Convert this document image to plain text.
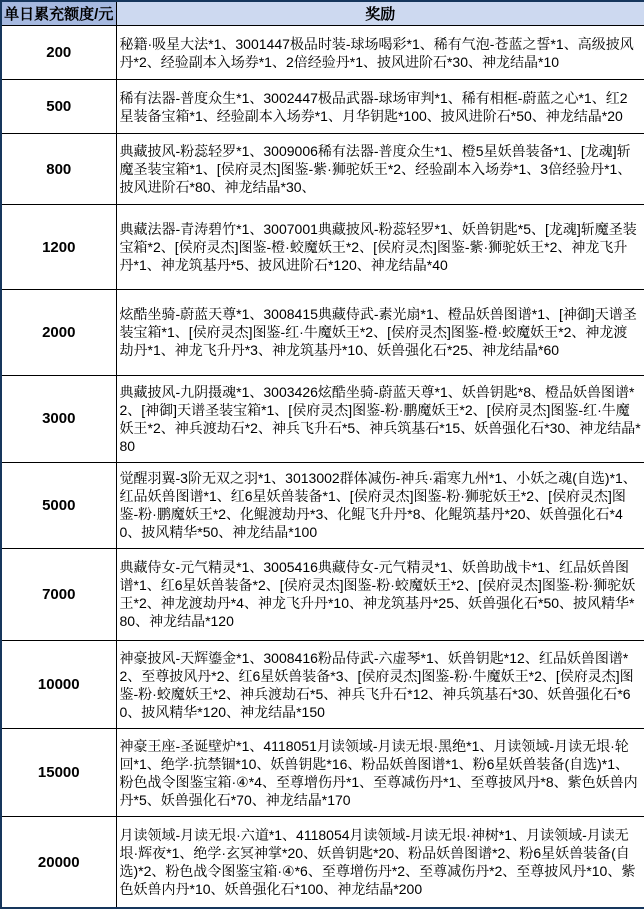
单日累充额度/元	奖励
200	秘籍·吸星大法*1、3001447极品时装-球场喝彩*1、稀有气泡-苍蓝之誓*1、高级披风丹*2、经验副本入场券*1、2倍经验丹*1、披风进阶石*30、神龙结晶*10
500	稀有法器-普度众生*1、3002447极品武器-球场审判*1、稀有相框-蔚蓝之心*1、红2星装备宝箱*1、经验副本入场券*1、月华钥匙*100、披风进阶石*50、神龙结晶*20
800	典藏披风-粉蕊轻罗*1、3009006稀有法器-普度众生*1、橙5星妖兽装备*1、[龙魂]斩魔圣装宝箱*1、[侯府灵杰]图鉴-紫·狮驼妖王*2、经验副本入场券*1、3倍经验丹*1、披风进阶石*80、神龙结晶*30、
1200	典藏法器-青涛碧竹*1、3007001典藏披风-粉蕊轻罗*1、妖兽钥匙*5、[龙魂]斩魔圣装宝箱*2、[侯府灵杰]图鉴-橙·蛟魔妖王*2、[侯府灵杰]图鉴-紫·狮驼妖王*2、神龙飞升丹*1、神龙筑基丹*5、披风进阶石*120、神龙结晶*40
2000	炫酷坐骑-蔚蓝天尊*1、3008415典藏侍武-素光扇*1、橙品妖兽图谱*1、[神御]天谱圣装宝箱*1、[侯府灵杰]图鉴-红·牛魔妖王*2、[侯府灵杰]图鉴-橙·蛟魔妖王*2、神龙渡劫丹*1、神龙飞升丹*3、神龙筑基丹*10、妖兽强化石*25、神龙结晶*60
3000	典藏披风-九阴摄魂*1、3003426炫酷坐骑-蔚蓝天尊*1、妖兽钥匙*8、橙品妖兽图谱*2、[神御]天谱圣装宝箱*1、[侯府灵杰]图鉴-粉·鹏魔妖王*2、[侯府灵杰]图鉴-红·牛魔妖王*2、神兵渡劫石*2、神兵飞升石*5、神兵筑基石*15、妖兽强化石*30、神龙结晶*80
5000	觉醒羽翼-3阶无双之羽*1、3013002群体减伤-神兵·霜寒九州*1、小妖之魂(自选)*1、红品妖兽图谱*1、红6星妖兽装备*1、[侯府灵杰]图鉴-粉·狮驼妖王*2、[侯府灵杰]图鉴-粉·鹏魔妖王*2、化鲲渡劫丹*3、化鲲飞升丹*8、化鲲筑基丹*20、妖兽强化石*40、披风精华*50、神龙结晶*100
7000	典藏侍女-元气精灵*1、3005416典藏侍女-元气精灵*1、妖兽助战卡*1、红品妖兽图谱*1、红6星妖兽装备*2、[侯府灵杰]图鉴-粉·蛟魔妖王*2、[侯府灵杰]图鉴-粉·狮驼妖王*2、神龙渡劫丹*4、神龙飞升丹*10、神龙筑基丹*25、妖兽强化石*50、披风精华*80、神龙结晶*120
10000	神豪披风-天辉鎏金*1、3008416粉品侍武-六虚琴*1、妖兽钥匙*12、红品妖兽图谱*2、至尊披风丹*2、红6星妖兽装备*3、[侯府灵杰]图鉴-粉·牛魔妖王*2、[侯府灵杰]图鉴-粉·蛟魔妖王*2、神兵渡劫石*5、神兵飞升石*12、神兵筑基石*30、妖兽强化石*60、披风精华*120、神龙结晶*150
15000	神豪王座-圣诞壁炉*1、4118051月读领域-月读无垠·黑绝*1、月读领域-月读无垠·轮回*1、绝学·抗禁锢*10、妖兽钥匙*16、粉品妖兽图谱*1、粉6星妖兽装备(自选)*1、粉色战令图鉴宝箱·④*4、至尊增伤丹*1、至尊减伤丹*1、至尊披风丹*8、紫色妖兽内丹*5、妖兽强化石*70、神龙结晶*170
20000	月读领域-月读无垠·六道*1、4118054月读领域-月读无垠·神树*1、月读领域-月读无垠·辉夜*1、绝学·玄冥神掌*20、妖兽钥匙*20、粉品妖兽图谱*2、粉6星妖兽装备(自选)*2、粉色战令图鉴宝箱·④*6、至尊增伤丹*2、至尊减伤丹*2、至尊披风丹*10、紫色妖兽内丹*10、妖兽强化石*100、神龙结晶*200
